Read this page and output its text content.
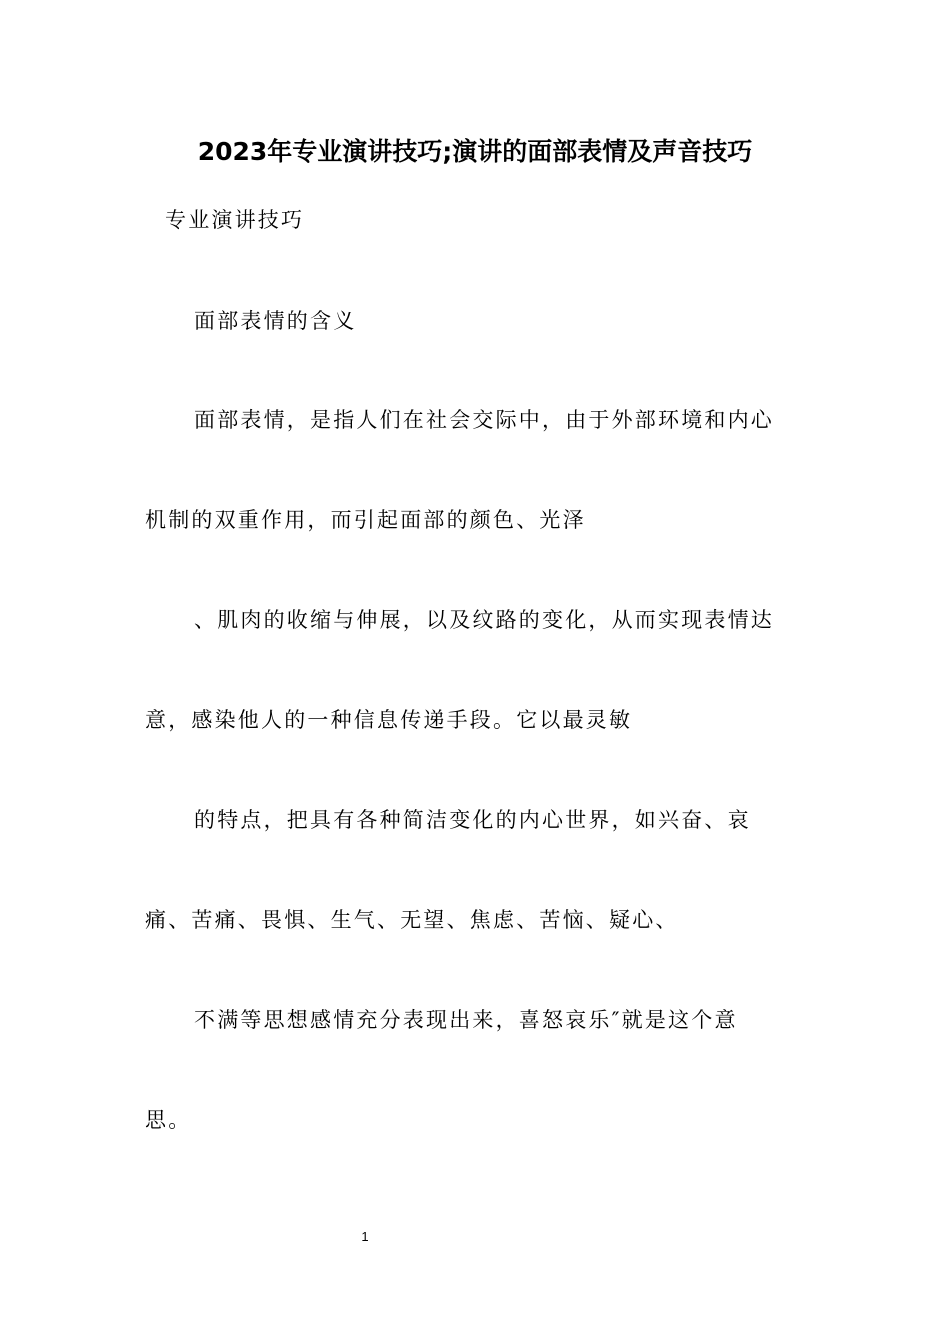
2023年专业演讲技巧;演讲的面部表情及声音技巧
专业演讲技巧
面部表情的含义
面部表情，是指人们在社会交际中，由于外部环境和内心
机制的双重作用，而引起面部的颜色、光泽
、肌肉的收缩与伸展，以及纹路的变化，从而实现表情达
意，感染他人的一种信息传递手段。它以最灵敏
的特点，把具有各种简洁变化的内心世界，如兴奋、哀
痛、苦痛、畏惧、生气、无望、焦虑、苦恼、疑心、
不满等思想感情充分表现出来，喜怒哀乐″就是这个意
思。
1
